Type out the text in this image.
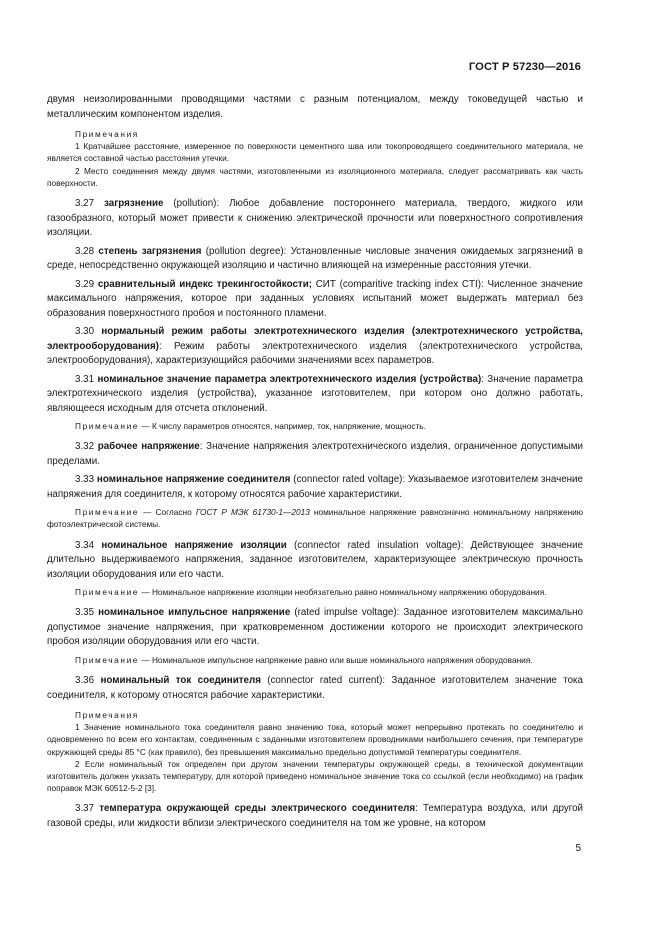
ГОСТ Р 57230—2016

двумя неизолированными проводящими частями с разным потенциалом, между токоведущей частью и металлическим компонентом изделия.

Примечания

1 Кратчайшее расстояние, измеренное по поверхности цементного шва или токопроводящего соединительного материала, не является составной частью расстояния утечки.

2 Место соединения между двумя частями, изготовленными из изоляционного материала, следует рассматривать как часть поверхности.

3.27 загрязнение (pollution): Любое добавление постороннего материала, твердого, жидкого или газообразного, который может привести к снижению электрической прочности или поверхностного сопротивления изоляции.

3.28 степень загрязнения (pollution degree): Установленные числовые значения ожидаемых загрязнений в среде, непосредственно окружающей изоляцию и частично влияющей на измеренные расстояния утечки.

3.29 сравнительный индекс трекингостойкости; СИТ (comparitive tracking index CTI): Численное значение максимального напряжения, которое при заданных условиях испытаний может выдержать материал без образования поверхностного пробоя и постоянного пламени.

3.30 нормальный режим работы электротехнического изделия (электротехнического устройства, электрооборудования): Режим работы электротехнического изделия (электротехнического устройства, электрооборудования), характеризующийся рабочими значениями всех параметров.

3.31 номинальное значение параметра электротехнического изделия (устройства): Значение параметра электротехнического изделия (устройства), указанное изготовителем, при котором оно должно работать, являющееся исходным для отсчета отклонений.

Примечание — К числу параметров относятся, например, ток, напряжение, мощность.

3.32 рабочее напряжение: Значение напряжения электротехнического изделия, ограниченное допустимыми пределами.

3.33 номинальное напряжение соединителя (connector rated voltage): Указываемое изготовителем значение напряжения для соединителя, к которому относятся рабочие характеристики.

Примечание — Согласно ГОСТ Р МЭК 61730-1—2013 номинальное напряжение равнозначно номинальному напряжению фотоэлектрической системы.

3.34 номинальное напряжение изоляции (connector rated insulation voltage): Действующее значение длительно выдерживаемого напряжения, заданное изготовителем, характеризующее электрическую прочность изоляции оборудования или его части.

Примечание — Номинальное напряжение изоляции необязательно равно номинальному напряжению оборудования.

3.35 номинальное импульсное напряжение (rated impulse voltage): Заданное изготовителем максимально допустимое значение напряжения, при кратковременном достижении которого не происходит электрического пробоя изоляции оборудования или его части.

Примечание — Номинальное импульсное напряжение равно или выше номинального напряжения оборудования.

3.36 номинальный ток соединителя (connector rated current): Заданное изготовителем значение тока соединителя, к которому относятся рабочие характеристики.

Примечания

1 Значение номинального тока соединителя равно значению тока, который может непрерывно протекать по соединителю и одновременно по всем его контактам, соединенным с заданными изготовителем проводниками наибольшего сечения, при температуре окружающей среды 85 °С (как правило), без превышения максимально предельно допустимой температуры соединителя.

2 Если номинальный ток определен при другом значении температуры окружающей среды, в технической документации изготовитель должен указать температуру, для которой приведено номинальное значение тока со ссылкой (если необходимо) на график поправок МЭК 60512-5-2 [3].

3.37 температура окружающей среды электрического соединителя: Температура воздуха, или другой газовой среды, или жидкости вблизи электрического соединителя на том же уровне, на котором

5
